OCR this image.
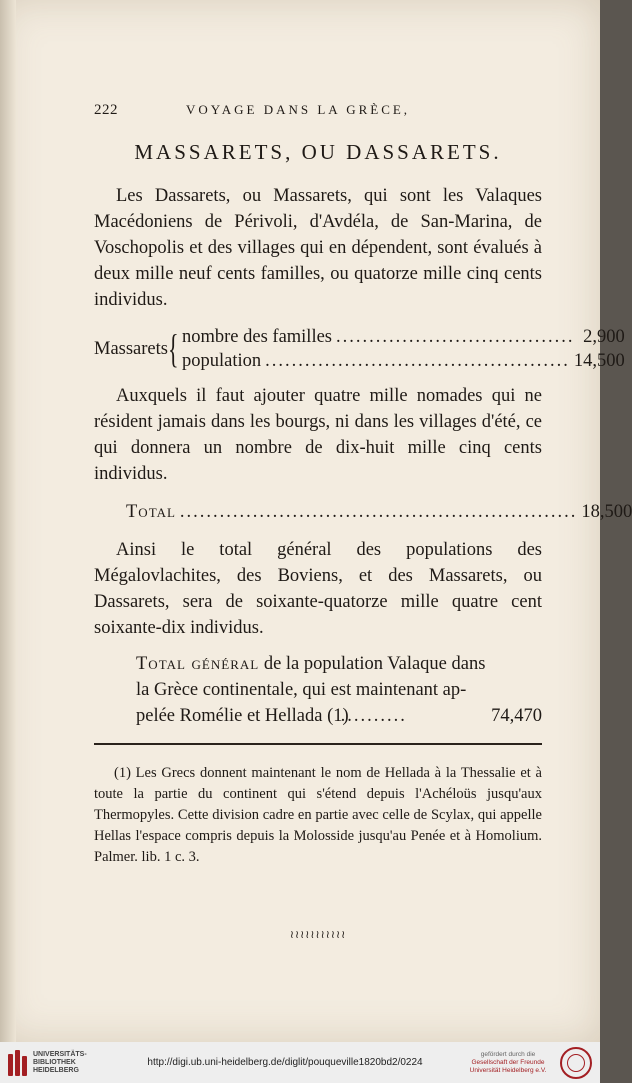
222	VOYAGE DANS LA GRÈCE,
MASSARETS, OU DASSARETS.

Les Dassarets, ou Massarets, qui sont les Valaques Macédoniens de Périvoli, d'Avdéla, de San-Marina, de Voschopolis et des villages qui en dépendent, sont évalués à deux mille neuf cents familles, ou quatorze mille cinq cents individus.

Massarets { nombre des familles .................................... 2,900
population .............................................. 14,500

Auxquels il faut ajouter quatre mille nomades qui ne résident jamais dans les bourgs, ni dans les villages d'été, ce qui donnera un nombre de dix-huit mille cinq cents individus.

Total ............................................................ 18,500

Ainsi le total général des populations des Mégalovlachites, des Boviens, et des Massarets, ou Dassarets, sera de soixante-quatorze mille quatre cent soixante-dix individus.

Total général de la population Valaque dans
la Grèce continentale, qui est maintenant ap-
pelée Romélie et Hellada (1)
..........	74,470

(1) Les Grecs donnent maintenant le nom de Hellada à la Thessalie et à toute la partie du continent qui s'étend depuis l'Achéloüs jusqu'aux Thermopyles. Cette division cadre en partie avec celle de Scylax, qui appelle Hellas l'espace compris depuis la Molosside jusqu'au Penée et à Homolium. Palmer. lib. 1 c. 3.

≀≀≀≀≀≀≀≀≀≀≀
UNIVERSITÄTS-
BIBLIOTHEK
HEIDELBERG
http://digi.ub.uni-heidelberg.de/diglit/pouqueville1820bd2/0224
gefördert durch die
Gesellschaft der Freunde
Universität Heidelberg e.V.
